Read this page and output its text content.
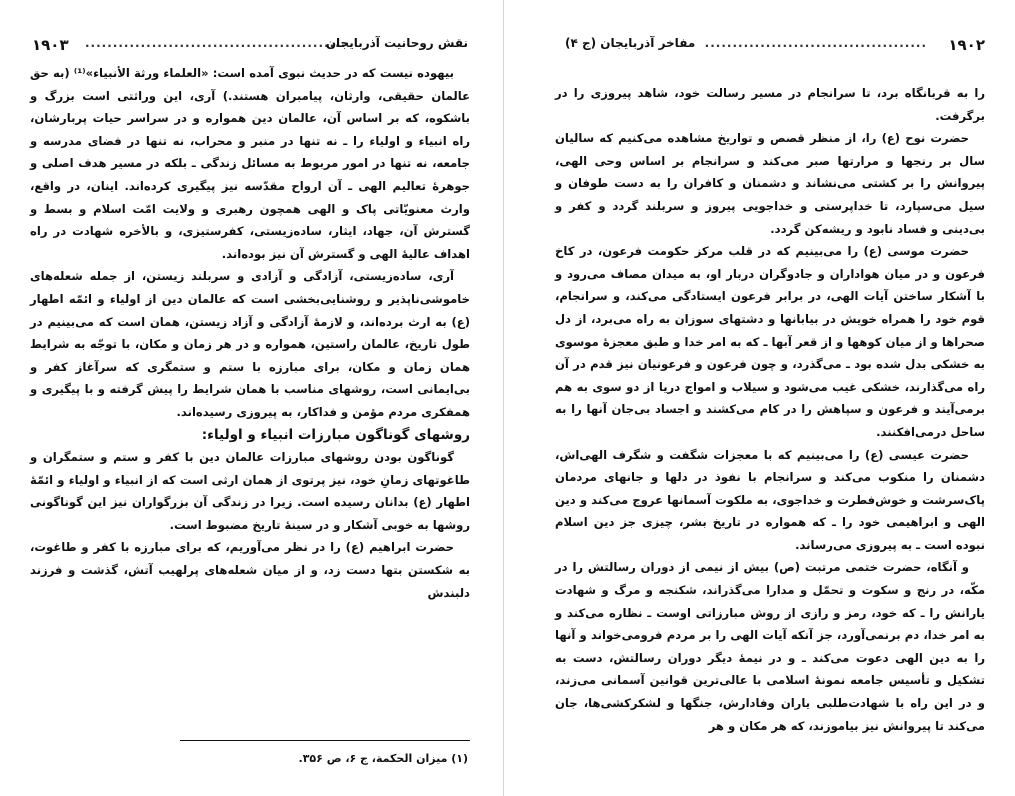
۱۹۰۳ ...............................................
نقش روحانیت آذربایجان

بیهوده نیست که در حدیث نبوی آمده است: «العلماء ورثة الأنبياء»⁽¹⁾ (به حق عالمان حقیقی، وارثان، پیامبران هستند.) آری، این وراثتی است بزرگ و باشکوه، که بر اساس آن، عالمان دین همواره و در سراسر حیات پربارشان، راه انبیاء و اولیاء را ـ نه تنها در منبر و محراب، نه تنها در فضای مدرسه و جامعه، نه تنها در امور مربوط به مسائل زندگی ـ بلکه در مسیر هدف اصلی و جوهرهٔ تعالیم الهی ـ آن ارواح مقدّسه نیز پیگیری کرده‌اند. اینان، در واقع، وارث معنویّاتی پاک و الهی همچون رهبری و ولایت امّت اسلام و بسط و گسترش آن، جهاد، ایثار، ساده‌زیستی، کفرستیزی، و بالأخره شهادت در راه اهداف عالیهٔ الهی و گسترش آن نیز بوده‌اند.

آری، ساده‌زیستی، آزادگی و آزادی و سربلند زیستن، از جمله شعله‌های خاموشی‌ناپذیر و روشنایی‌بخشی است که عالمان دین از اولیاء و ائمّه اطهار (ع) به ارث برده‌اند، و لازمهٔ آزادگی و آزاد زیستن، همان است که می‌بینیم در طول تاریخ، عالمان راستین، همواره و در هر زمان و مکان، با توجّه به شرایط همان زمان و مکان، برای مبارزه با ستم و ستمگری که سرآغاز کفر و بی‌ایمانی است، روشهای مناسب با همان شرایط را پیش گرفته و با پیگیری و همفکری مردم مؤمن و فداکار، به پیروزی رسیده‌اند.

روشهای گوناگون مبارزات انبیاء و اولیاء:

گوناگون بودن روشهای مبارزات عالمان دین با کفر و ستم و ستمگران و طاغوتهای زمانِ خود، نیز پرتوی از همان ارثی است که از انبیاء و اولیاء و ائمّهٔ اطهار (ع) بدانان رسیده است. زیرا در زندگی آن بزرگواران نیز این گوناگونی روشها به خوبی آشکار و در سینهٔ تاریخ مضبوط است.

حضرت ابراهیم (ع) را در نظر می‌آوریم، که برای مبارزه با کفر و طاغوت، به شکستن بتها دست زد، و از میان شعله‌های پرلهیب آتش، گذشت و فرزند دلبندش

(۱) میزان الحکمة، ج ۶، ص ۳۵۶.
۱۹۰۲
........................................
مفاخر آذربایجان (ج ۴)

را به قربانگاه برد، تا سرانجام در مسیر رسالت خود، شاهد پیروزی را در برگرفت.

حضرت نوح (ع) را، از منظر قصص و تواریخ مشاهده می‌کنیم که سالیان سال بر رنجها و مرارتها صبر می‌کند و سرانجام بر اساس وحی الهی، پیروانش را بر کشتی می‌نشاند و دشمنان و کافران را به دست طوفان و سیل می‌سپارد، تا خداپرستی و خداجویی پیروز و سربلند گردد و کفر و بی‌دینی و فساد نابود و ریشه‌کن گردد.

حضرت موسی (ع) را می‌بینیم که در قلب مرکز حکومت فرعون، در کاخ فرعون و در میان هواداران و جادوگران دربار او، به میدان مصاف می‌رود و با آشکار ساختن آیات الهی، در برابر فرعون ایستادگی می‌کند، و سرانجام، قوم خود را همراه خویش در بیابانها و دشتهای سوزان به راه می‌برد، از دل صحراها و از میان کوهها و از قعر آبها ـ که به امر خدا و طبق معجزهٔ موسوی به خشکی بدل شده بود ـ می‌گذرد، و چون فرعون و فرعونیان نیز قدم در آن راه می‌گذارند، خشکی غیب می‌شود و سیلاب و امواج دریا از دو سوی به هم برمی‌آیند و فرعون و سپاهش را در کام می‌کشند و اجساد بی‌جان آنها را به ساحل درمی‌افکنند.

حضرت عیسی (ع) را می‌بینیم که با معجزات شگفت و شگرف الهی‌اش، دشمنان را منکوب می‌کند و سرانجام با نفوذ در دلها و جانهای مردمان پاک‌سرشت و خوش‌فطرت و خداجوی، به ملکوت آسمانها عروج می‌کند و دین الهی و ابراهیمی خود را ـ که همواره در تاریخ بشر، چیزی جز دین اسلام نبوده است ـ به پیروزی می‌رساند.

و آنگاه، حضرت ختمی مرتبت (ص) بیش از نیمی از دوران رسالتش را در مکّه، در رنج و سکوت و تحمّل و مدارا می‌گذراند، شکنجه و مرگ و شهادت یارانش را ـ که خود، رمز و رازی از روش مبارزاتی اوست ـ نظاره می‌کند و به امر خدا، دم برنمی‌آورد، جز آنکه آیات الهی را بر مردم فرومی‌خواند و آنها را به دین الهی دعوت می‌کند ـ و در نیمهٔ دیگر دوران رسالتش، دست به تشکیل و تأسیس جامعه نمونهٔ اسلامی با عالی‌ترین قوانین آسمانی می‌زند، و در این راه با شهادت‌طلبی یاران وفادارش، جنگها و لشکرکشی‌ها، جان می‌کند تا پیروانش نیز بیاموزند، که هر مکان و هر
